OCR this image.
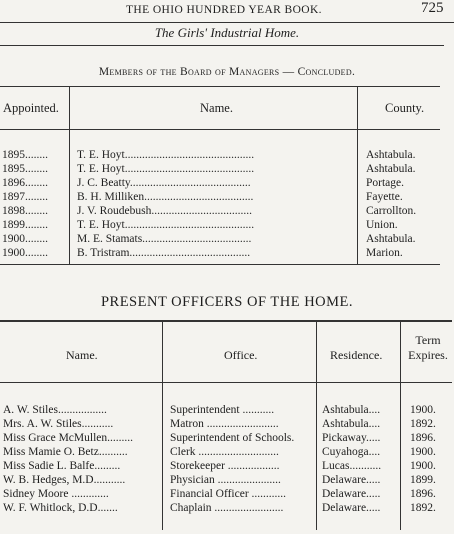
THE OHIO HUNDRED YEAR BOOK.	725
The Girls' Industrial Home.
Members of the Board of Managers — Concluded.
Appointed.	Name.	County.
1895........	T. E. Hoyt.............................................	Ashtabula.
1895........	T. E. Hoyt.............................................	Ashtabula.
1896........	J. C. Beatty..........................................	Portage.
1897........	B. H. Milliken......................................	Fayette.
1898........	J. V. Roudebush...................................	Carrollton.
1899........	T. E. Hoyt.............................................	Union.
1900........	M. E. Stamats......................................	Ashtabula.
1900........	B. Tristram..........................................	Marion.
PRESENT OFFICERS OF THE HOME.
Name.	Office.	Residence.
Term
Expires.
A. W. Stiles.................	Superintendent ...........	Ashtabula....	1900.
Mrs. A. W. Stiles...........	Matron .........................	Ashtabula....	1892.
Miss Grace McMullen.........	Superintendent of Schools.	Pickaway.....	1896.
Miss Mamie O. Betz..........	Clerk ............................	Cuyahoga....	1900.
Miss Sadie L. Balfe.........	Storekeeper ..................	Lucas...........	1900.
W. B. Hedges, M.D...........	Physician ......................	Delaware.....	1899.
Sidney Moore .............	Financial Officer ............	Delaware.....	1896.
W. F. Whitlock, D.D.......	Chaplain ........................	Delaware.....	1892.
